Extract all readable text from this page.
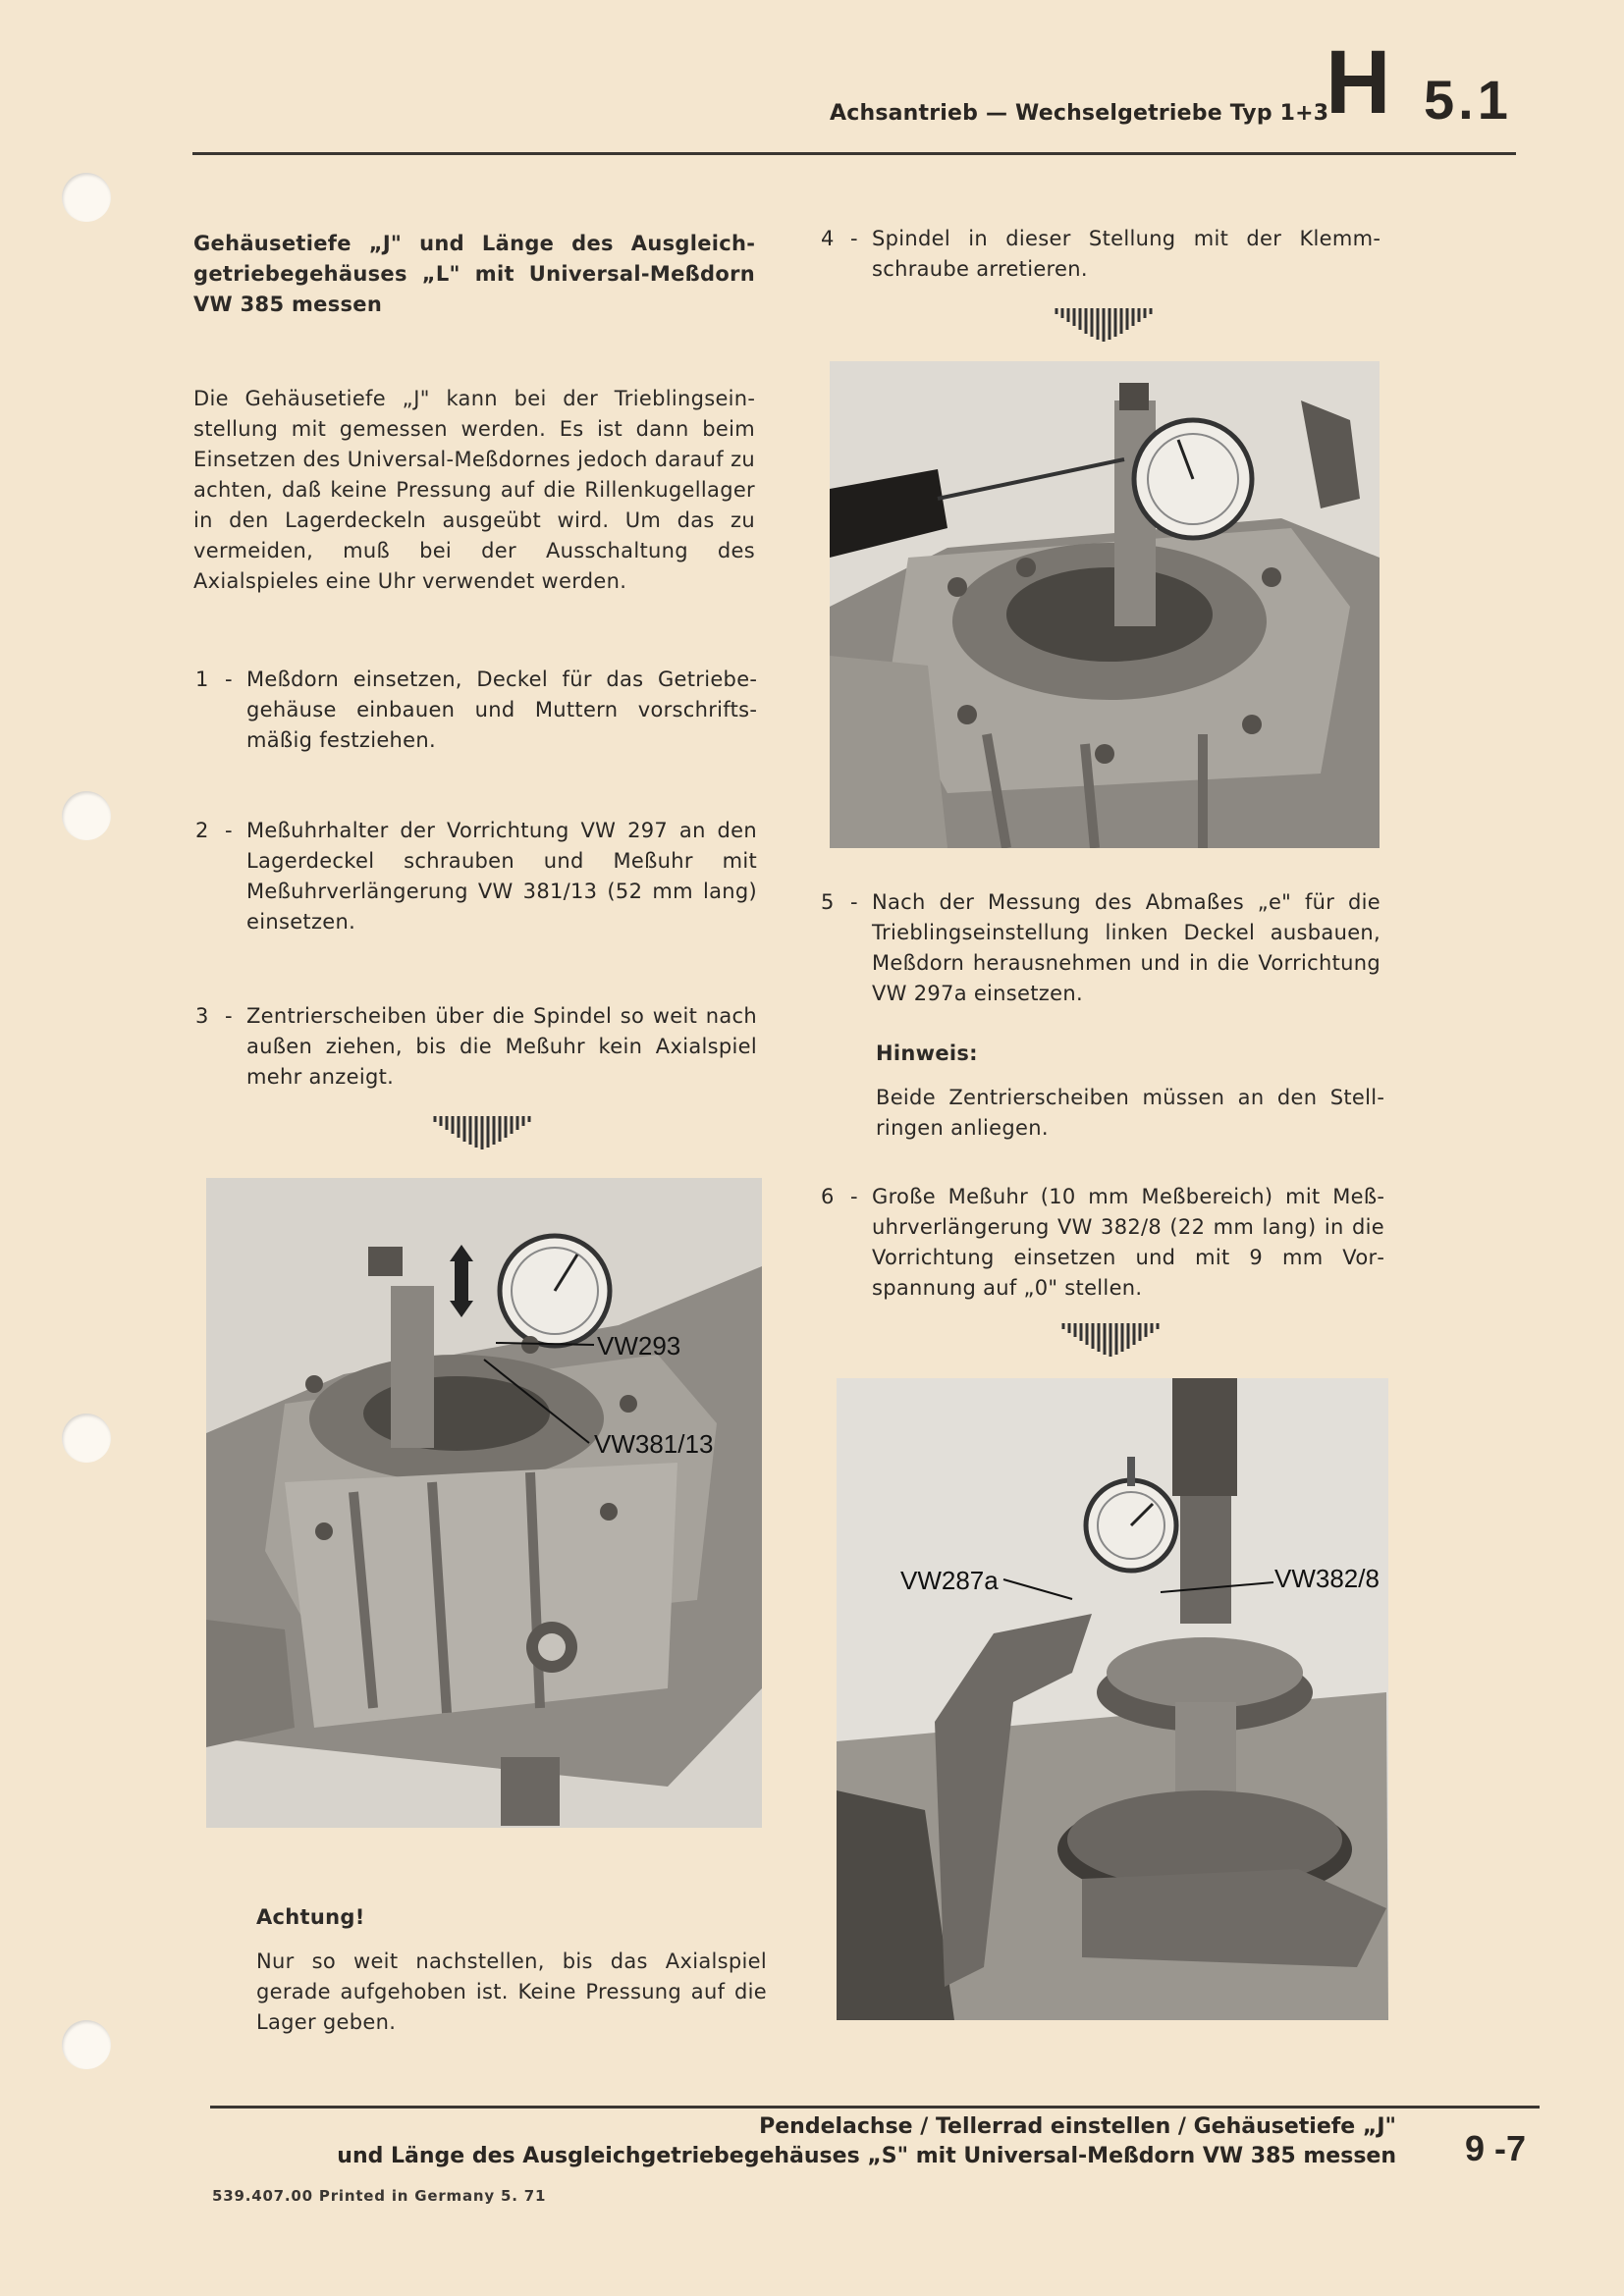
Achsantrieb — Wechselgetriebe Typ 1+3
H 5.1
Gehäusetiefe „J" und Länge des Ausgleichgetriebegehäuses „L" mit Universal-Meßdorn VW 385 messen
Die Gehäusetiefe „J" kann bei der Trieblingseinstellung mit gemessen werden. Es ist dann beim Einsetzen des Universal-Meßdornes jedoch darauf zu achten, daß keine Pressung auf die Rillenkugellager in den Lagerdeckeln ausgeübt wird. Um das zu vermeiden, muß bei der Ausschaltung des Axialspieles eine Uhr verwendet werden.
1 - Meßdorn einsetzen, Deckel für das Getriebegehäuse einbauen und Muttern vorschriftsmäßig festziehen.
2 - Meßuhrhalter der Vorrichtung VW 297 an den Lagerdeckel schrauben und Meßuhr mit Meßuhrverlängerung VW 381/13 (52 mm lang) einsetzen.
3 - Zentrierscheiben über die Spindel so weit nach außen ziehen, bis die Meßuhr kein Axialspiel mehr anzeigt.
VW293
VW381/13
Achtung!
Nur so weit nachstellen, bis das Axialspiel gerade aufgehoben ist. Keine Pressung auf die Lager geben.
4 - Spindel in dieser Stellung mit der Klemmschraube arretieren.
5 - Nach der Messung des Abmaßes „e" für die Trieblingseinstellung linken Deckel ausbauen, Meßdorn herausnehmen und in die Vorrichtung VW 297a einsetzen.
Hinweis:
Beide Zentrierscheiben müssen an den Stellringen anliegen.
6 - Große Meßuhr (10 mm Meßbereich) mit Meßuhrverlängerung VW 382/8 (22 mm lang) in die Vorrichtung einsetzen und mit 9 mm Vorspannung auf „0" stellen.
VW287a	VW382/8
Pendelachse / Tellerrad einstellen / Gehäusetiefe „J"
und Länge des Ausgleichgetriebegehäuses „S" mit Universal-Meßdorn VW 385 messen 9 -7
539.407.00 Printed in Germany 5. 71
